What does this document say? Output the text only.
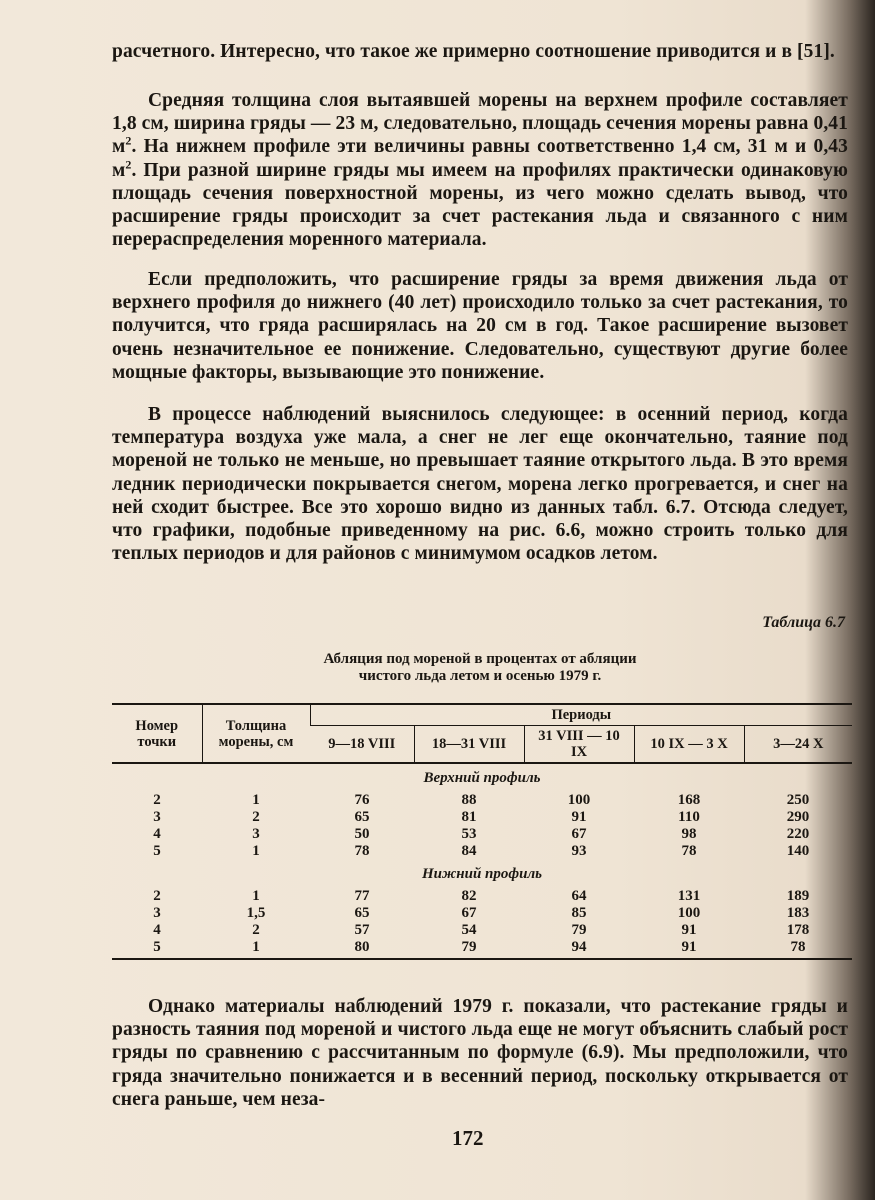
расчетного. Интересно, что такое же примерно соотношение приводится и в [51].

Средняя толщина слоя вытаявшей морены на верхнем профиле составляет 1,8 см, ширина гряды — 23 м, следовательно, площадь сечения морены равна 0,41 $м^2$. На нижнем профиле эти величины равны соответственно 1,4 см, 31 м и 0,43 $м^2$. При разной ширине гряды мы имеем на профилях практически одинаковую площадь сечения поверхностной морены, из чего можно сделать вывод, что расширение гряды происходит за счет растекания льда и связанного с ним перераспределения моренного материала.

Если предположить, что расширение гряды за время движения льда от верхнего профиля до нижнего (40 лет) происходило только за счет растекания, то получится, что гряда расширялась на 20 см в год. Такое расширение вызовет очень незначительное ее понижение. Следовательно, существуют другие более мощные факторы, вызывающие это понижение.

В процессе наблюдений выяснилось следующее: в осенний период, когда температура воздуха уже мала, а снег не лег еще окончательно, таяние под мореной не только не меньше, но превышает таяние открытого льда. В это время ледник периодически покрывается снегом, морена легко прогревается, и снег на ней сходит быстрее. Все это хорошо видно из данных табл. 6.7. Отсюда следует, что графики, подобные приведенному на рис. 6.6, можно строить только для теплых периодов и для районов с минимумом осадков летом.

Таблица 6.7
Абляция под мореной в процентах от абляции
чистого льда летом и осенью 1979 г.
Номер точки	Толщина морены, см	Периоды				
		9—18 VIII	18—31 VIII	31 VIII — 10 IX	10 IX — 3 X	3—24 X
Верхний профиль						
2	1	76	88	100	168	250
3	2	65	81	91	110	290
4	3	50	53	67	98	220
5	1	78	84	93	78	140
Нижний профиль						
2	1	77	82	64	131	189
3	1,5	65	67	85	100	183
4	2	57	54	79	91	178
5	1	80	79	94	91	78

Однако материалы наблюдений 1979 г. показали, что растекание гряды и разность таяния под мореной и чистого льда еще не могут объяснить слабый рост гряды по сравнению с рассчитанным по формуле (6.9). Мы предположили, что гряда значительно понижается и в весенний период, поскольку открывается от снега раньше, чем неза-

172
